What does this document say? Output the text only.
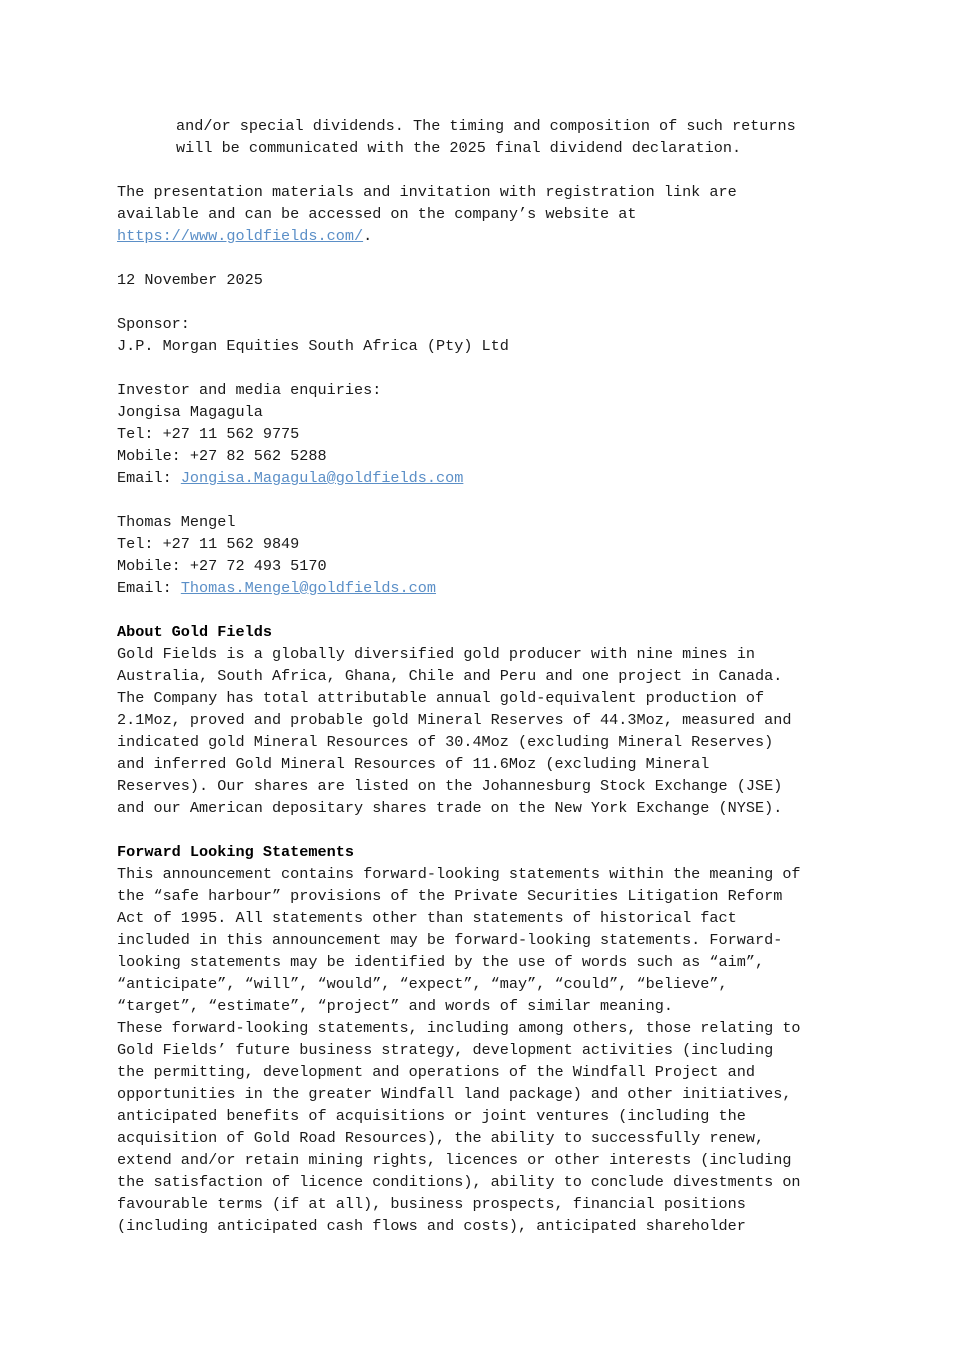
and/or special dividends. The timing and composition of such returns

will be communicated with the 2025 final dividend declaration.

The presentation materials and invitation with registration link are

available and can be accessed on the company’s website at

https://www.goldfields.com/.

12 November 2025

Sponsor:

J.P. Morgan Equities South Africa (Pty) Ltd

Investor and media enquiries:

Jongisa Magagula

Tel: +27 11 562 9775

Mobile: +27 82 562 5288

Email: Jongisa.Magagula@goldfields.com

Thomas Mengel

Tel: +27 11 562 9849

Mobile: +27 72 493 5170

Email: Thomas.Mengel@goldfields.com

About Gold Fields

Gold Fields is a globally diversified gold producer with nine mines in

Australia, South Africa, Ghana, Chile and Peru and one project in Canada.

The Company has total attributable annual gold-equivalent production of

2.1Moz, proved and probable gold Mineral Reserves of 44.3Moz, measured and

indicated gold Mineral Resources of 30.4Moz (excluding Mineral Reserves)

and inferred Gold Mineral Resources of 11.6Moz (excluding Mineral

Reserves). Our shares are listed on the Johannesburg Stock Exchange (JSE)

and our American depositary shares trade on the New York Exchange (NYSE).

Forward Looking Statements

This announcement contains forward-looking statements within the meaning of

the “safe harbour” provisions of the Private Securities Litigation Reform

Act of 1995. All statements other than statements of historical fact

included in this announcement may be forward-looking statements. Forward-

looking statements may be identified by the use of words such as “aim”,

“anticipate”, “will”, “would”, “expect”, “may”, “could”, “believe”,

“target”, “estimate”, “project” and words of similar meaning.

These forward-looking statements, including among others, those relating to

Gold Fields’ future business strategy, development activities (including

the permitting, development and operations of the Windfall Project and

opportunities in the greater Windfall land package) and other initiatives,

anticipated benefits of acquisitions or joint ventures (including the

acquisition of Gold Road Resources), the ability to successfully renew,

extend and/or retain mining rights, licences or other interests (including

the satisfaction of licence conditions), ability to conclude divestments on

favourable terms (if at all), business prospects, financial positions

(including anticipated cash flows and costs), anticipated shareholder
